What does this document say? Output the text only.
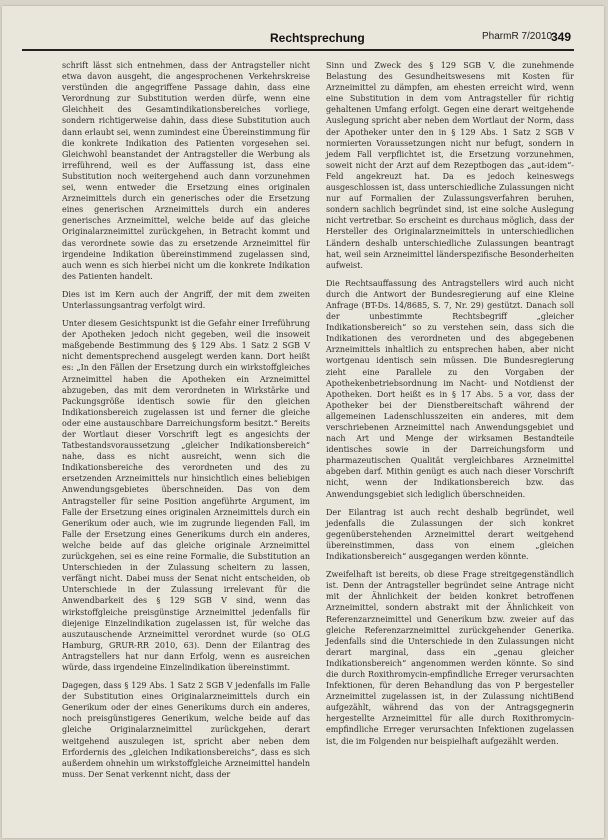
Rechtsprechung	PharmR 7/2010
349

schrift lässt sich entnehmen, dass der Antragsteller nicht etwa davon ausgeht, die angesprochenen Verkehrskreise verstünden die angegriffene Passage dahin, dass eine Verordnung zur Substitution werden dürfe, wenn eine Gleichheit des Gesamtindikationsbereiches vorliege, sondern richtigerweise dahin, dass diese Substitution auch dann erlaubt sei, wenn zumindest eine Übereinstimmung für die konkrete Indikation des Patienten vorgesehen sei. Gleichwohl beanstandet der Antragsteller die Werbung als irreführend, weil es der Auffassung ist, dass eine Substitution noch weitergehend auch dann vorzunehmen sei, wenn entweder die Ersetzung eines originalen Arzneimittels durch ein generisches oder die Ersetzung eines generischen Arzneimittels durch ein anderes generisches Arzneimittel, welche beide auf das gleiche Originalarzneimittel zurückgehen, in Betracht kommt und das verordnete sowie das zu ersetzende Arzneimittel für irgendeine Indikation übereinstimmend zugelassen sind, auch wenn es sich hierbei nicht um die konkrete Indikation des Patienten handelt.

Dies ist im Kern auch der Angriff, der mit dem zweiten Unterlassungsantrag verfolgt wird.

Unter diesem Gesichtspunkt ist die Gefahr einer Irreführung der Apotheken jedoch nicht gegeben, weil die insoweit maßgebende Bestimmung des § 129 Abs. 1 Satz 2 SGB V nicht dementsprechend ausgelegt werden kann. Dort heißt es: „In den Fällen der Ersetzung durch ein wirkstoffgleiches Arzneimittel haben die Apotheken ein Arzneimittel abzugeben, das mit dem verordneten in Wirkstärke und Packungsgröße identisch sowie für den gleichen Indikationsbereich zugelassen ist und ferner die gleiche oder eine austauschbare Darreichungsform besitzt.“ Bereits der Wortlaut dieser Vorschrift legt es angesichts der Tatbestandsvoraussetzung „gleicher Indikationsbereich“ nahe, dass es nicht ausreicht, wenn sich die Indikationsbereiche des verordneten und des zu ersetzenden Arzneimittels nur hinsichtlich eines beliebigen Anwendungsgebietes überschneiden. Das von dem Antragsteller für seine Position angeführte Argument, im Falle der Ersetzung eines originalen Arzneimittels durch ein Generikum oder auch, wie im zugrunde liegenden Fall, im Falle der Ersetzung eines Generikums durch ein anderes, welche beide auf das gleiche originale Arzneimittel zurückgehen, sei es eine reine Formalie, die Substitution an Unterschieden in der Zulassung scheitern zu lassen, verfängt nicht. Dabei muss der Senat nicht entscheiden, ob Unterschiede in der Zulassung irrelevant für die Anwendbarkeit des § 129 SGB V sind, wenn das wirkstoffgleiche preisgünstige Arzneimittel jedenfalls für diejenige Einzelindikation zugelassen ist, für welche das auszutauschende Arzneimittel verordnet wurde (so OLG Hamburg, GRUR-RR 2010, 63). Denn der Eilantrag des Antragstellers hat nur dann Erfolg, wenn es ausreichen würde, dass irgendeine Einzelindikation übereinstimmt.

Dagegen, dass § 129 Abs. 1 Satz 2 SGB V jedenfalls im Falle der Substitution eines Originalarzneimittels durch ein Generikum oder der eines Generikums durch ein anderes, noch preisgünstigeres Generikum, welche beide auf das gleiche Originalarzneimittel zurückgehen, derart weitgehend auszulegen ist, spricht aber neben dem Erfordernis des „gleichen Indikationsbereichs“, dass es sich außerdem ohnehin um wirkstoffgleiche Arzneimittel handeln muss. Der Senat verkennt nicht, dass der

Sinn und Zweck des § 129 SGB V, die zunehmende Belastung des Gesundheitswesens mit Kosten für Arzneimittel zu dämpfen, am ehesten erreicht wird, wenn eine Substitution in dem vom Antragsteller für richtig gehaltenen Umfang erfolgt. Gegen eine derart weitgehende Auslegung spricht aber neben dem Wortlaut der Norm, dass der Apotheker unter den in § 129 Abs. 1 Satz 2 SGB V normierten Voraussetzungen nicht nur befugt, sondern in jedem Fall verpflichtet ist, die Ersetzung vorzunehmen, soweit nicht der Arzt auf dem Rezeptbogen das „aut-idem“-Feld angekreuzt hat. Da es jedoch keineswegs ausgeschlossen ist, dass unterschiedliche Zulassungen nicht nur auf Formalien der Zulassungsverfahren beruhen, sondern sachlich begründet sind, ist eine solche Auslegung nicht vertretbar. So erscheint es durchaus möglich, dass der Hersteller des Originalarzneimittels in unterschiedlichen Ländern deshalb unterschiedliche Zulassungen beantragt hat, weil sein Arzneimittel länderspezifische Besonderheiten aufweist.

Die Rechtsauffassung des Antragstellers wird auch nicht durch die Antwort der Bundesregierung auf eine Kleine Anfrage (BT-Ds. 14/8685, S. 7, Nr. 29) gestützt. Danach soll der unbestimmte Rechtsbegriff „gleicher Indikationsbereich“ so zu verstehen sein, dass sich die Indikationen des verordneten und des abgegebenen Arzneimittels inhaltlich zu entsprechen haben, aber nicht wortgenau identisch sein müssen. Die Bundesregierung zieht eine Parallele zu den Vorgaben der Apothekenbetriebsordnung im Nacht- und Notdienst der Apotheken. Dort heißt es in § 17 Abs. 5 a vor, dass der Apotheker bei der Dienstbereitschaft während der allgemeinen Ladenschlusszeiten ein anderes, mit dem verschriebenen Arzneimittel nach Anwendungsgebiet und nach Art und Menge der wirksamen Bestandteile identisches sowie in der Darreichungsform und pharmazeutischen Qualität vergleichbares Arzneimittel abgeben darf. Mithin genügt es auch nach dieser Vorschrift nicht, wenn der Indikationsbereich bzw. das Anwendungsgebiet sich lediglich überschneiden.

Der Eilantrag ist auch recht deshalb begründet, weil jedenfalls die Zulassungen der sich konkret gegenüberstehenden Arzneimittel derart weitgehend übereinstimmen, dass von einem „gleichen Indikationsbereich“ ausgegangen werden könnte.

Zweifelhaft ist bereits, ob diese Frage streitgegenständlich ist. Denn der Antragsteller begründet seine Antrage nicht mit der Ähnlichkeit der beiden konkret betroffenen Arzneimittel, sondern abstrakt mit der Ähnlichkeit von Referenzarzneimittel und Generikum bzw. zweier auf das gleiche Referenzarzneimittel zurückgehender Generika. Jedenfalls sind die Unterschiede in den Zulassungen nicht derart marginal, dass ein „genau gleicher Indikationsbereich“ angenommen werden könnte. So sind die durch Roxithromycin-empfindliche Erreger verursachten Infektionen, für deren Behandlung das von P bergesteller Arzneimittel zugelassen ist, in der Zulassung nichtiBend aufgezählt, während das von der Antragsgegnerin hergestellte Arzneimittel für alle durch Roxithromycin-empfindliche Erreger verursachten Infektionen zugelassen ist, die im Folgenden nur beispielhaft aufgezählt werden.
